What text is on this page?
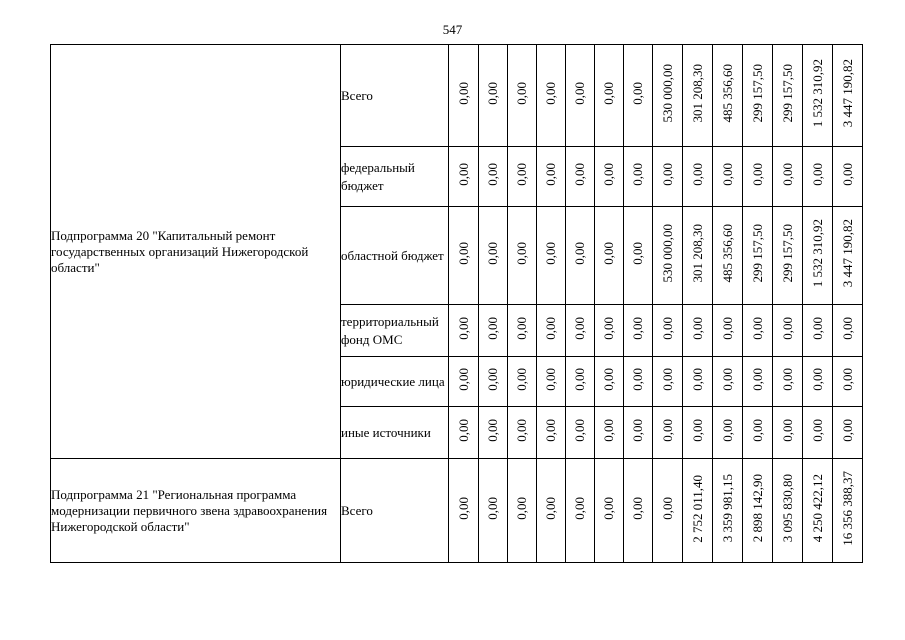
547
Подпрограмма 20 "Капитальный ремонт государственных организаций Нижегородской области"	Всего	0,00	0,00	0,00	0,00	0,00	0,00	0,00	530 000,00	301 208,30	485 356,60	299 157,50	299 157,50	1 532 310,92	3 447 190,82
	федеральный бюджет	0,00	0,00	0,00	0,00	0,00	0,00	0,00	0,00	0,00	0,00	0,00	0,00	0,00	0,00
	областной бюджет	0,00	0,00	0,00	0,00	0,00	0,00	0,00	530 000,00	301 208,30	485 356,60	299 157,50	299 157,50	1 532 310,92	3 447 190,82
	территориальный фонд ОМС	0,00	0,00	0,00	0,00	0,00	0,00	0,00	0,00	0,00	0,00	0,00	0,00	0,00	0,00
	юридические лица	0,00	0,00	0,00	0,00	0,00	0,00	0,00	0,00	0,00	0,00	0,00	0,00	0,00	0,00
	иные источники	0,00	0,00	0,00	0,00	0,00	0,00	0,00	0,00	0,00	0,00	0,00	0,00	0,00	0,00
Подпрограмма 21 "Региональная программа модернизации первичного звена здравоохранения Нижегородской области"	Всего	0,00	0,00	0,00	0,00	0,00	0,00	0,00	0,00	2 752 011,40	3 359 981,15	2 898 142,90	3 095 830,80	4 250 422,12	16 356 388,37
